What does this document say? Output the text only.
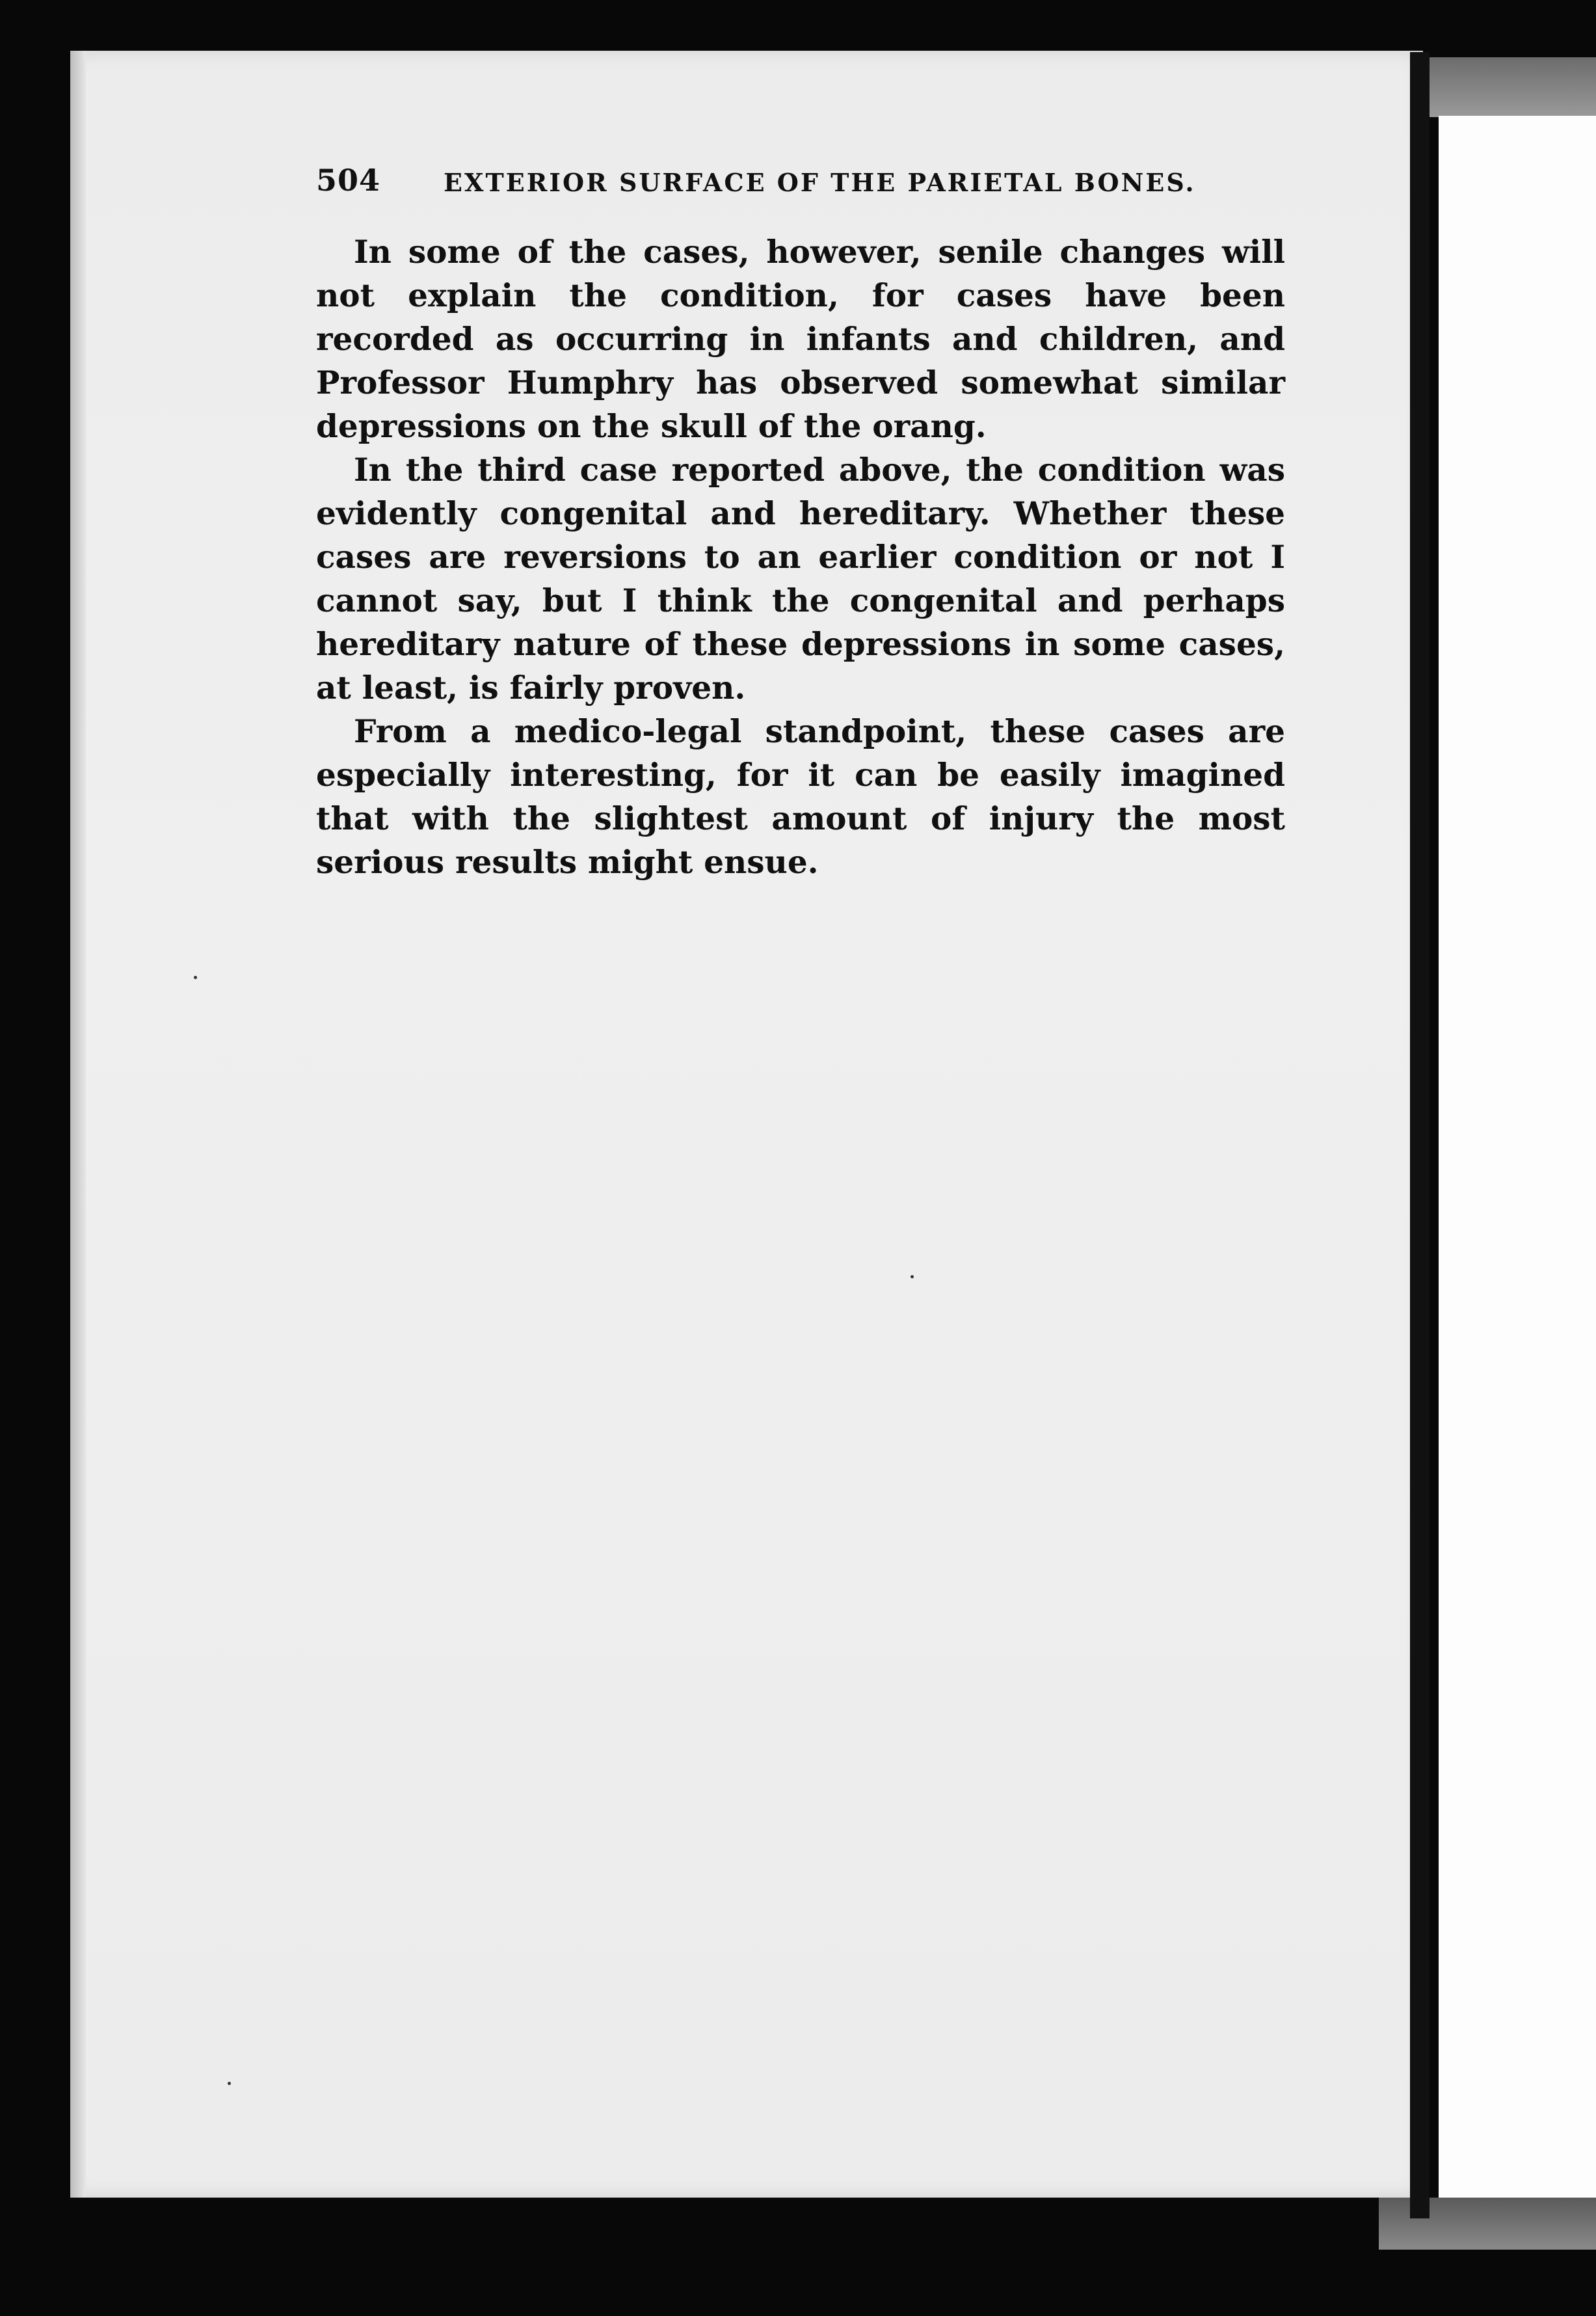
504	EXTERIOR SURFACE OF THE PARIETAL BONES.

In some of the cases, however, senile changes will not explain the condition, for cases have been recorded as occurring in infants and children, and Professor Humphry has observed somewhat similar depressions on the skull of the orang.

In the third case reported above, the condition was evidently congenital and hereditary. Whether these cases are reversions to an earlier condition or not I cannot say, but I think the congenital and perhaps hereditary nature of these depressions in some cases, at least, is fairly proven.

From a medico-legal standpoint, these cases are especially interesting, for it can be easily imagined that with the slightest amount of injury the most serious results might ensue.
